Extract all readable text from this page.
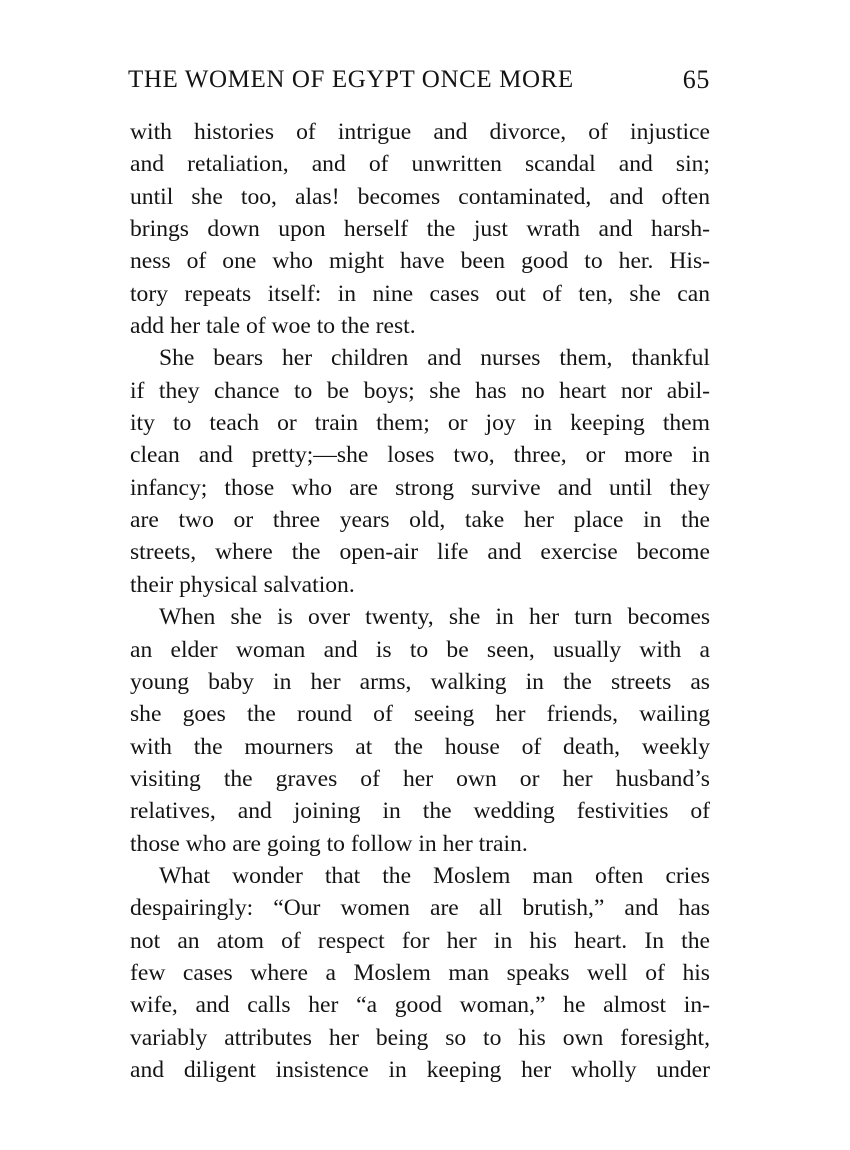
THE WOMEN OF EGYPT ONCE MORE	65
with histories of intrigue and divorce, of injustice
and retaliation, and of unwritten scandal and sin;
until she too, alas! becomes contaminated, and often
brings down upon herself the just wrath and harsh-
ness of one who might have been good to her. His-
tory repeats itself: in nine cases out of ten, she can
add her tale of woe to the rest.
She bears her children and nurses them, thankful
if they chance to be boys; she has no heart nor abil-
ity to teach or train them; or joy in keeping them
clean and pretty;—she loses two, three, or more in
infancy; those who are strong survive and until they
are two or three years old, take her place in the
streets, where the open-air life and exercise become
their physical salvation.
When she is over twenty, she in her turn becomes
an elder woman and is to be seen, usually with a
young baby in her arms, walking in the streets as
she goes the round of seeing her friends, wailing
with the mourners at the house of death, weekly
visiting the graves of her own or her husband’s
relatives, and joining in the wedding festivities of
those who are going to follow in her train.
What wonder that the Moslem man often cries
despairingly: “Our women are all brutish,” and has
not an atom of respect for her in his heart. In the
few cases where a Moslem man speaks well of his
wife, and calls her “a good woman,” he almost in-
variably attributes her being so to his own foresight,
and diligent insistence in keeping her wholly under
